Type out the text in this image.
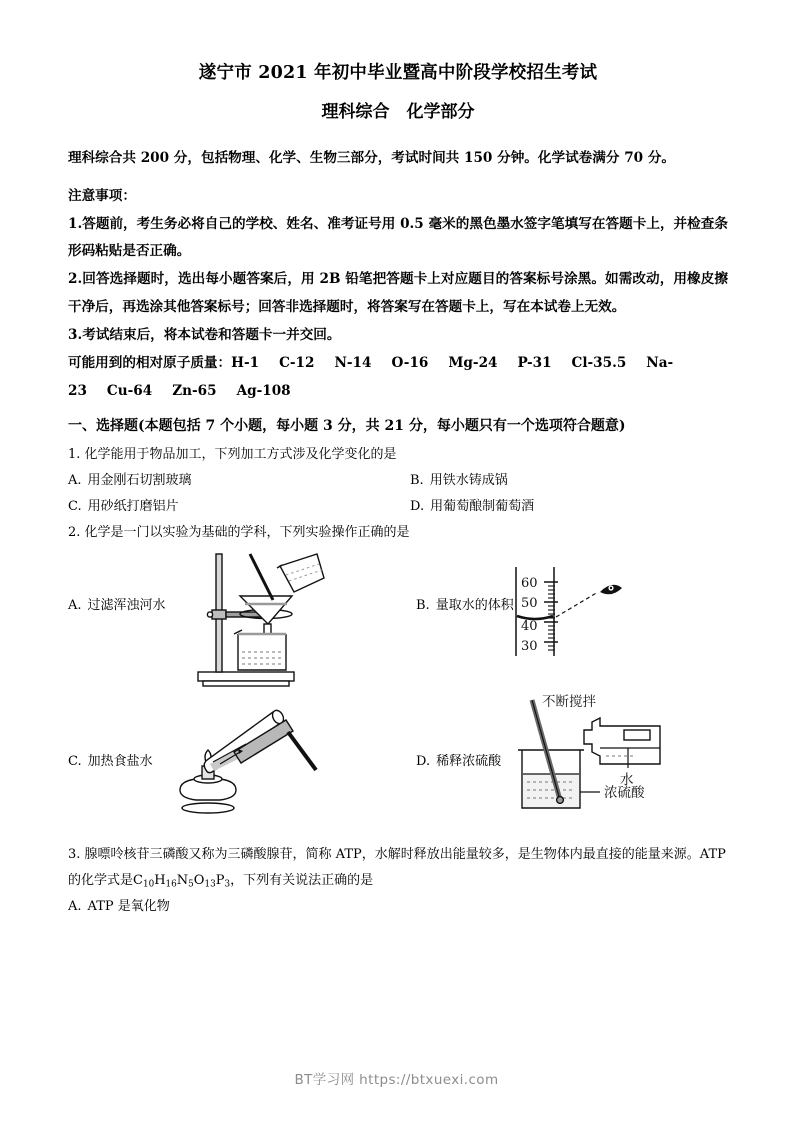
遂宁市 2021 年初中毕业暨高中阶段学校招生考试
理科综合　化学部分

理科综合共 200 分，包括物理、化学、生物三部分，考试时间共 150 分钟。化学试卷满分 70 分。

注意事项：

1.答题前，考生务必将自己的学校、姓名、准考证号用 0.5 毫米的黑色墨水签字笔填写在答题卡上，并检查条形码粘贴是否正确。

2.回答选择题时，选出每小题答案后，用 2B 铅笔把答题卡上对应题目的答案标号涂黑。如需改动，用橡皮擦干净后，再选涂其他答案标号；回答非选择题时，将答案写在答题卡上，写在本试卷上无效。

3.考试结束后，将本试卷和答题卡一并交回。

可能用到的相对原子质量：H-1 C-12 N-14 O-16 Mg-24 P-31 Cl-35.5 Na-23 Cu-64 Zn-65 Ag-108

一、选择题(本题包括 7 个小题，每小题 3 分，共 21 分，每小题只有一个选项符合题意)

1. 化学能用于物品加工，下列加工方式涉及化学变化的是

A. 用金刚石切割玻璃	B. 用铁水铸成锅
C. 用砂纸打磨铝片	D. 用葡萄酿制葡萄酒

2. 化学是一门以实验为基础的学科，下列实验操作正确的是

A. 过滤浑浊河水	B. 量取水的体积
60
50
40
30
C. 加热食盐水	D. 稀释浓硫酸
不断搅拌
水
浓硫酸

3. 腺嘌呤核苷三磷酸又称为三磷酸腺苷，简称 ATP，水解时释放出能量较多，是生物体内最直接的能量来源。ATP 的化学式是$C_{10}H_{16}N_5O_{13}P_3$，下列有关说法正确的是

A. ATP 是氧化物
BT学习网 https://btxuexi.com
